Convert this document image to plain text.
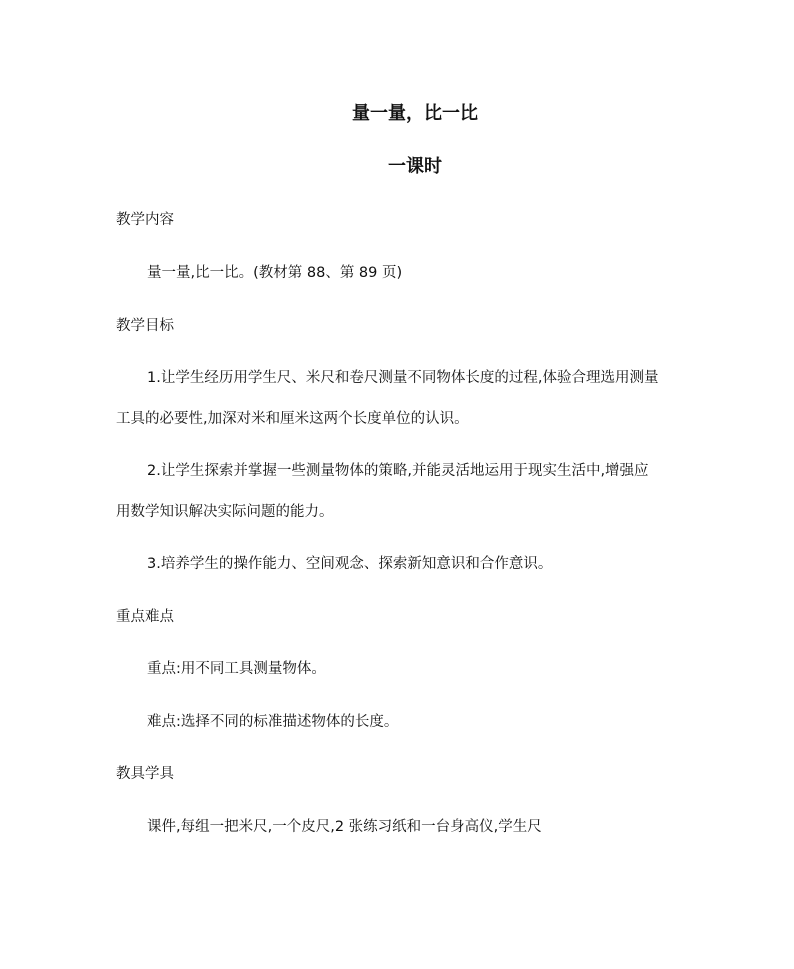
量一量，比一比
一课时
教学内容
量一量,比一比。(教材第 88、第 89 页)
教学目标
1.让学生经历用学生尺、米尺和卷尺测量不同物体长度的过程,体验合理选用测量
工具的必要性,加深对米和厘米这两个长度单位的认识。
2.让学生探索并掌握一些测量物体的策略,并能灵活地运用于现实生活中,增强应
用数学知识解决实际问题的能力。
3.培养学生的操作能力、空间观念、探索新知意识和合作意识。
重点难点
重点:用不同工具测量物体。
难点:选择不同的标准描述物体的长度。
教具学具
课件,每组一把米尺,一个皮尺,2 张练习纸和一台身高仪,学生尺
